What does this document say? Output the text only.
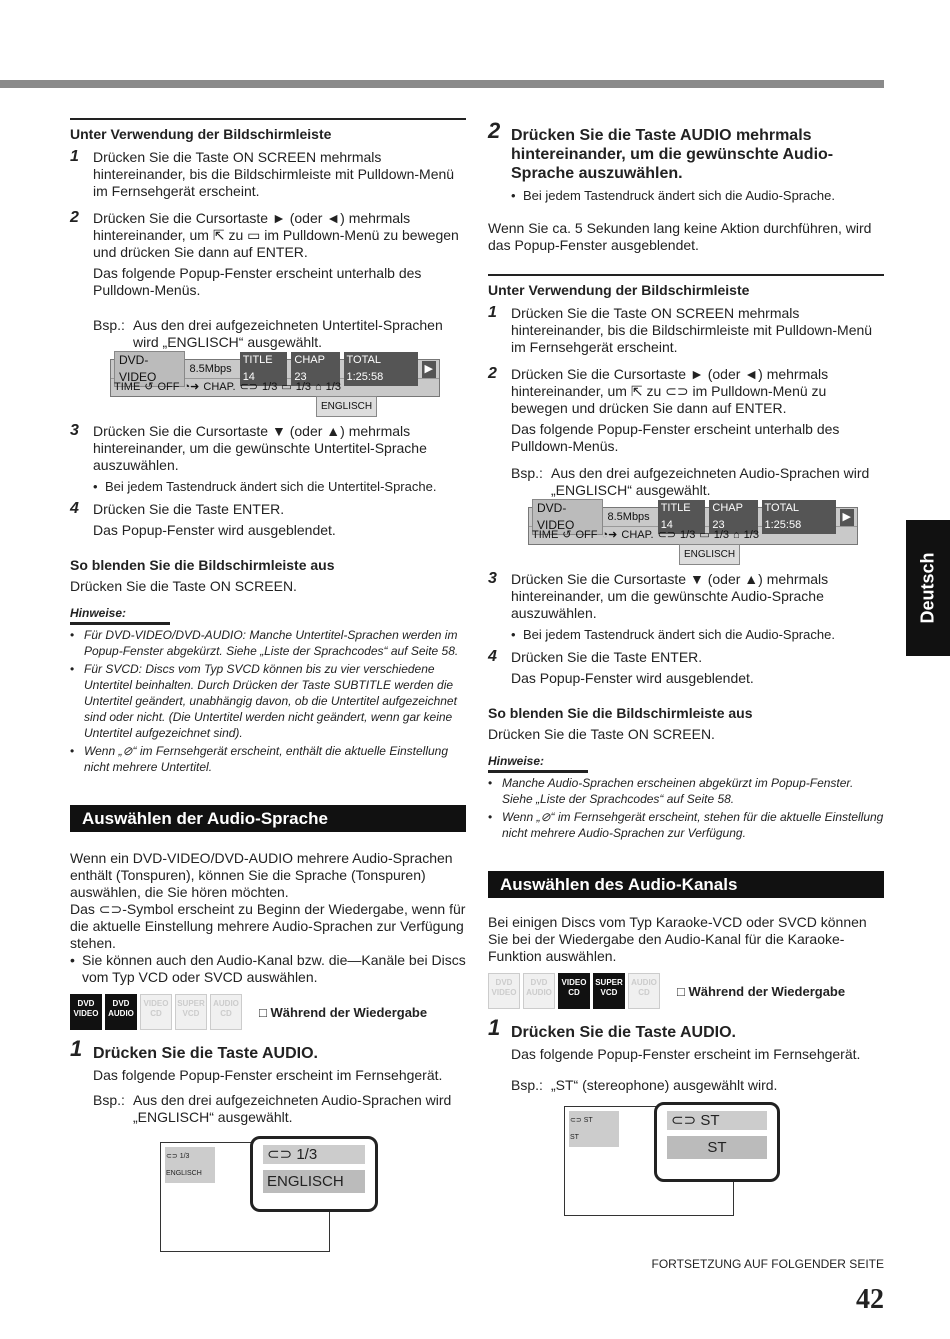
Unter Verwendung der Bildschirmleiste
1 Drücken Sie die Taste ON SCREEN mehrmals hintereinander, bis die Bildschirmleiste mit Pulldown-Menü im Fernsehgerät erscheint.
2 Drücken Sie die Cursortaste ► (oder ◄) mehrmals hintereinander, um ⇱ zu ▭ im Pulldown-Menü zu bewegen und drücken Sie dann auf ENTER.
Das folgende Popup-Fenster erscheint unterhalb des Pulldown-Menüs.
Bsp.: Aus den drei aufgezeichneten Untertitel-Sprachen wird „ENGLISCH“ ausgewählt.
DVD-VIDEO
8.5Mbps
TITLE 14
CHAP 23
TOTAL 1:25:58
▶
TIME ↺ OFF ◔➜ CHAP. ⊂⊃ 1/3 ▭ 1/3 ⌂ 1/3
ENGLISCH
3 Drücken Sie die Cursortaste ▼ (oder ▲) mehrmals hintereinander, um die gewünschte Untertitel-Sprache auszuwählen.
• Bei jedem Tastendruck ändert sich die Untertitel-Sprache.
4 Drücken Sie die Taste ENTER.
Das Popup-Fenster wird ausgeblendet.
So blenden Sie die Bildschirmleiste aus
Drücken Sie die Taste ON SCREEN.
Hinweise:
• Für DVD-VIDEO/DVD-AUDIO: Manche Untertitel-Sprachen werden im Popup-Fenster abgekürzt. Siehe „Liste der Sprachcodes“ auf Seite 58.
• Für SVCD: Discs vom Typ SVCD können bis zu vier verschiedene Untertitel beinhalten. Durch Drücken der Taste SUBTITLE werden die Untertitel geändert, unabhängig davon, ob die Untertitel aufgezeichnet sind oder nicht. (Die Untertitel werden nicht geändert, wenn gar keine Untertitel aufgezeichnet sind).
• Wenn „⊘“ im Fernsehgerät erscheint, enthält die aktuelle Einstellung nicht mehrere Untertitel.
Auswählen der Audio-Sprache
Wenn ein DVD-VIDEO/DVD-AUDIO mehrere Audio-Sprachen enthält (Tonspuren), können Sie die Sprache (Tonspuren) auswählen, die Sie hören möchten.
Das ⊂⊃-Symbol erscheint zu Beginn der Wiedergabe, wenn für die aktuelle Einstellung mehrere Audio-Sprachen zur Verfügung stehen.
• Sie können auch den Audio-Kanal bzw. die—Kanäle bei Discs vom Typ VCD oder SVCD auswählen.
DVD
VIDEO
DVD
AUDIO
VIDEO
CD
SUPER
VCD
AUDIO
CD	□ Während der Wiedergabe
1 Drücken Sie die Taste AUDIO.
Das folgende Popup-Fenster erscheint im Fernsehgerät.
Bsp.: Aus den drei aufgezeichneten Audio-Sprachen wird „ENGLISCH“ ausgewählt.
⊂⊃ 1/3
ENGLISCH
⊂⊃ 1/3
ENGLISCH
2 Drücken Sie die Taste AUDIO mehrmals hintereinander, um die gewünschte Audio-Sprache auszuwählen.
• Bei jedem Tastendruck ändert sich die Audio-Sprache.
Wenn Sie ca. 5 Sekunden lang keine Aktion durchführen, wird das Popup-Fenster ausgeblendet.
Unter Verwendung der Bildschirmleiste
1 Drücken Sie die Taste ON SCREEN mehrmals hintereinander, bis die Bildschirmleiste mit Pulldown-Menü im Fernsehgerät erscheint.
2 Drücken Sie die Cursortaste ► (oder ◄) mehrmals hintereinander, um ⇱ zu ⊂⊃ im Pulldown-Menü zu bewegen und drücken Sie dann auf ENTER.
Das folgende Popup-Fenster erscheint unterhalb des Pulldown-Menüs.
Bsp.: Aus den drei aufgezeichneten Audio-Sprachen wird „ENGLISCH“ ausgewählt.
DVD-VIDEO
8.5Mbps
TITLE 14
CHAP 23
TOTAL 1:25:58
▶
TIME ↺ OFF ◔➜ CHAP. ⊂⊃ 1/3 ▭ 1/3 ⌂ 1/3
ENGLISCH
3 Drücken Sie die Cursortaste ▼ (oder ▲) mehrmals hintereinander, um die gewünschte Audio-Sprache auszuwählen.
• Bei jedem Tastendruck ändert sich die Audio-Sprache.
4 Drücken Sie die Taste ENTER.
Das Popup-Fenster wird ausgeblendet.
So blenden Sie die Bildschirmleiste aus
Drücken Sie die Taste ON SCREEN.
Hinweise:
• Manche Audio-Sprachen erscheinen abgekürzt im Popup-Fenster. Siehe „Liste der Sprachcodes“ auf Seite 58.
• Wenn „⊘“ im Fernsehgerät erscheint, stehen für die aktuelle Einstellung nicht mehrere Audio-Sprachen zur Verfügung.
Auswählen des Audio-Kanals
Bei einigen Discs vom Typ Karaoke-VCD oder SVCD können Sie bei der Wiedergabe den Audio-Kanal für die Karaoke-Funktion auswählen.
DVD
VIDEO
DVD
AUDIO
VIDEO
CD
SUPER
VCD
AUDIO
CD	□ Während der Wiedergabe
1 Drücken Sie die Taste AUDIO.
Das folgende Popup-Fenster erscheint im Fernsehgerät.
Bsp.: „ST“ (stereophone) ausgewählt wird.
⊂⊃ ST
ST
⊂⊃ ST
ST
Deutsch
FORTSETZUNG AUF FOLGENDER SEITE
42
